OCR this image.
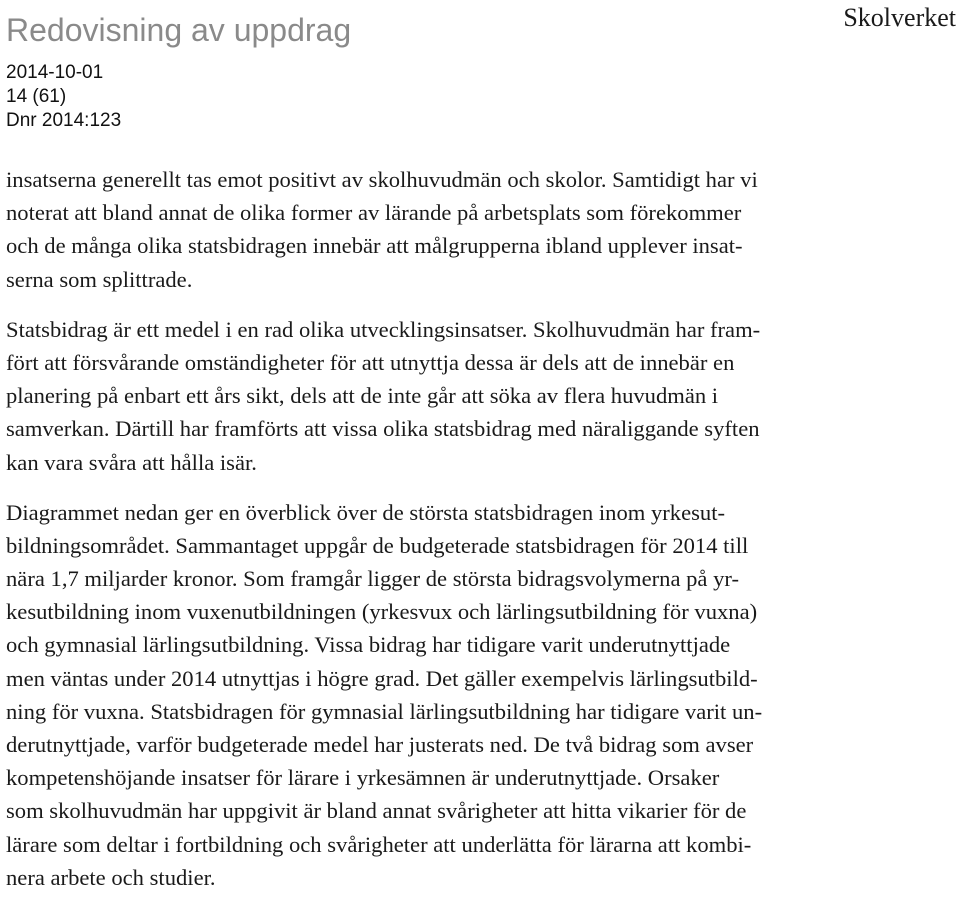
Redovisning av uppdrag	Skolverket
2014-10-01
14 (61)
Dnr 2014:123

insatserna generellt tas emot positivt av skolhuvudmän och skolor. Samtidigt har vi
noterat att bland annat de olika former av lärande på arbetsplats som förekommer
och de många olika statsbidragen innebär att målgrupperna ibland upplever insat-
serna som splittrade.

Statsbidrag är ett medel i en rad olika utvecklingsinsatser. Skolhuvudmän har fram-
fört att försvårande omständigheter för att utnyttja dessa är dels att de innebär en
planering på enbart ett års sikt, dels att de inte går att söka av flera huvudmän i
samverkan. Därtill har framförts att vissa olika statsbidrag med näraliggande syften
kan vara svåra att hålla isär.

Diagrammet nedan ger en överblick över de största statsbidragen inom yrkesut-
bildningsområdet. Sammantaget uppgår de budgeterade statsbidragen för 2014 till
nära 1,7 miljarder kronor. Som framgår ligger de största bidragsvolymerna på yr-
kesutbildning inom vuxenutbildningen (yrkesvux och lärlingsutbildning för vuxna)
och gymnasial lärlingsutbildning. Vissa bidrag har tidigare varit underutnyttjade
men väntas under 2014 utnyttjas i högre grad. Det gäller exempelvis lärlingsutbild-
ning för vuxna. Statsbidragen för gymnasial lärlingsutbildning har tidigare varit un-
derutnyttjade, varför budgeterade medel har justerats ned. De två bidrag som avser
kompetenshöjande insatser för lärare i yrkesämnen är underutnyttjade. Orsaker
som skolhuvudmän har uppgivit är bland annat svårigheter att hitta vikarier för de
lärare som deltar i fortbildning och svårigheter att underlätta för lärarna att kombi-
nera arbete och studier.
